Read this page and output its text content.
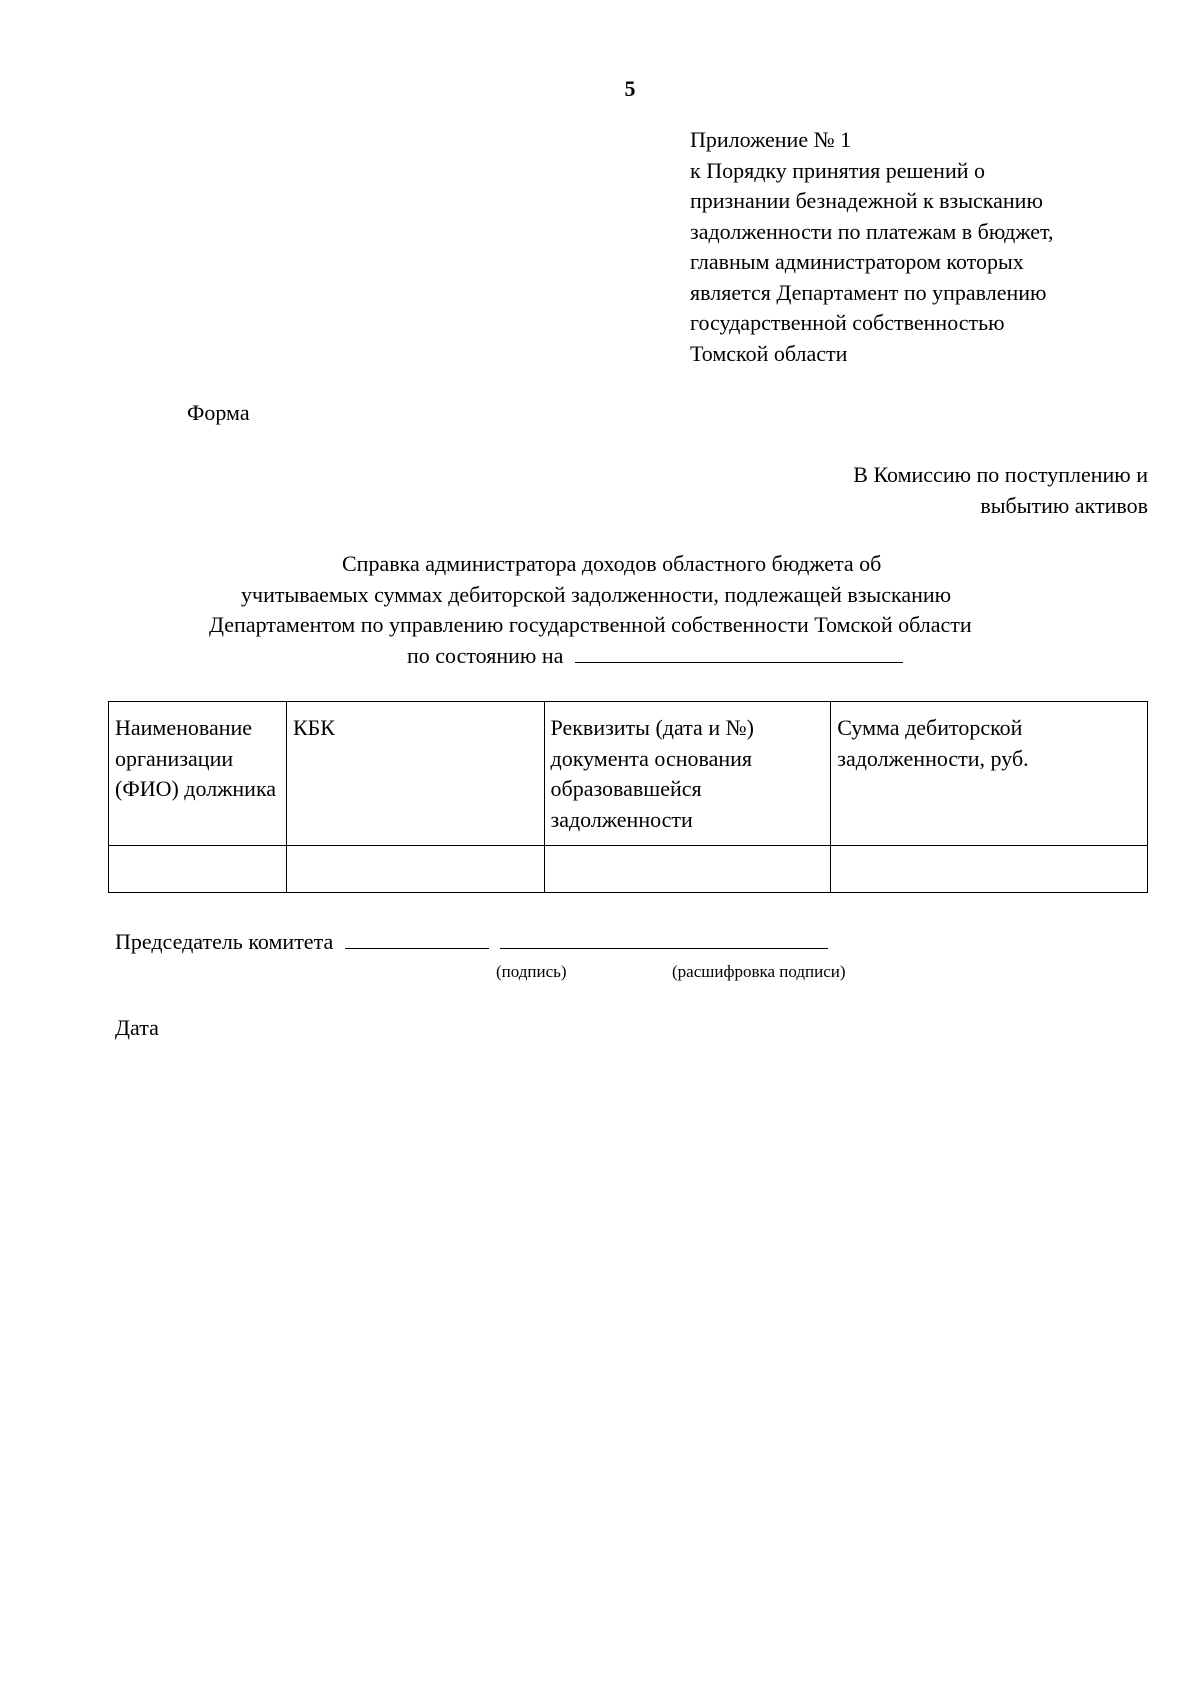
5
Приложение № 1
к Порядку принятия решений о
признании безнадежной к взысканию
задолженности по платежам в бюджет,
главным администратором которых
является Департамент по управлению
государственной собственностью
Томской области
Форма
В Комиссию по поступлению и
выбытию активов
Справка администратора доходов областного бюджета об
учитываемых суммах дебиторской задолженности, подлежащей взысканию
Департаментом по управлению государственной собственности Томской области
по состоянию на
Наименование организации (ФИО) должника	КБК	Реквизиты (дата и №) документа основания образовавшейся задолженности	Сумма дебиторской задолженности, руб.

Председатель комитета
(подпись)	(расшифровка подписи)
Дата
